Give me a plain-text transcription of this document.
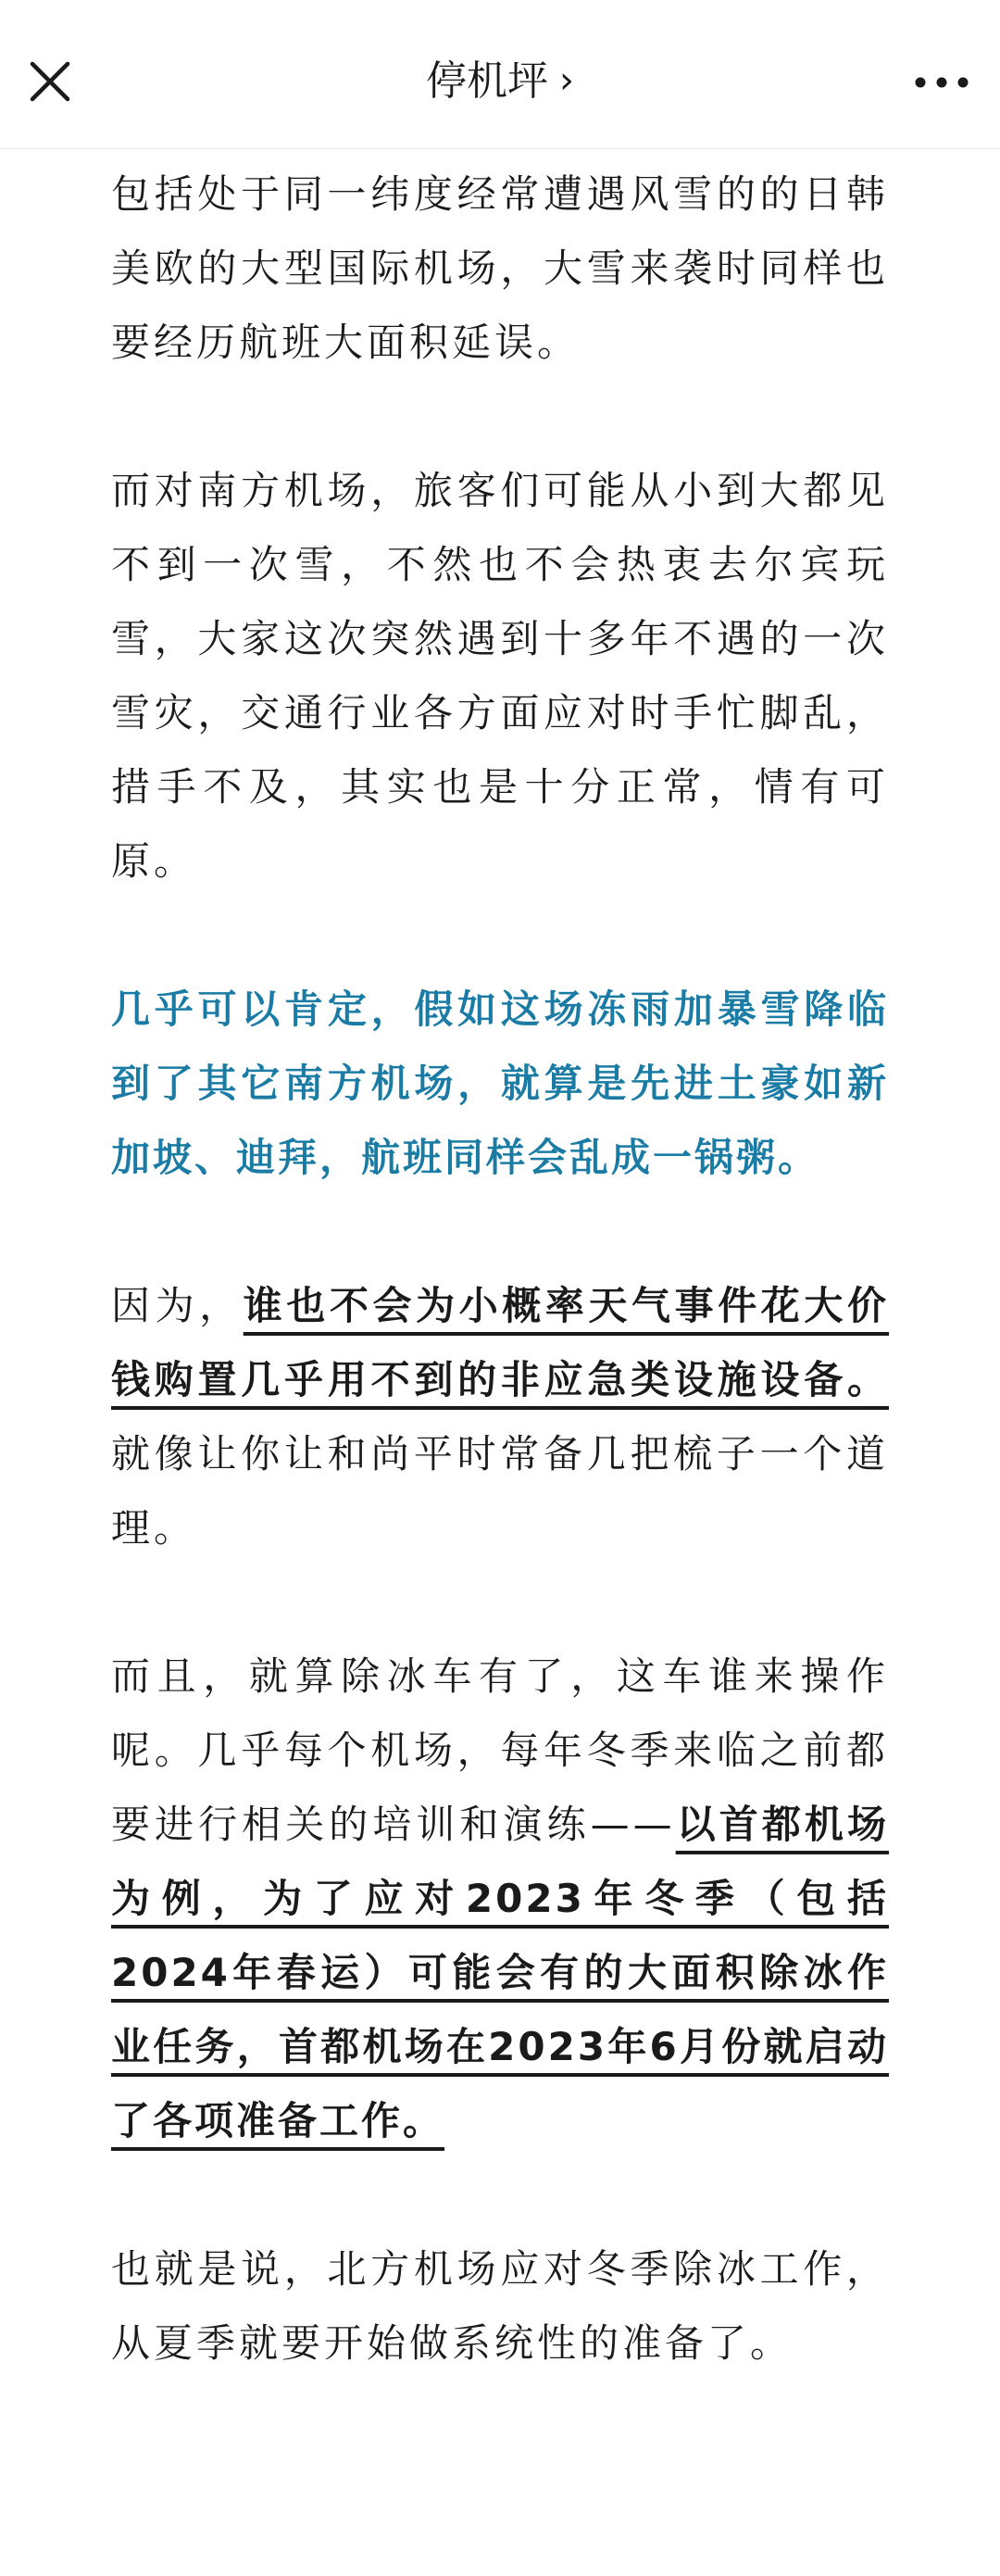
停机坪 ›

包括处于同一纬度经常遭遇风雪的的日韩美欧的大型国际机场，大雪来袭时同样也要经历航班大面积延误。

而对南方机场，旅客们可能从小到大都见不到一次雪，不然也不会热衷去尔宾玩雪，大家这次突然遇到十多年不遇的一次雪灾，交通行业各方面应对时手忙脚乱，措手不及，其实也是十分正常，情有可原。

几乎可以肯定，假如这场冻雨加暴雪降临到了其它南方机场，就算是先进土豪如新加坡、迪拜，航班同样会乱成一锅粥。

因为，谁也不会为小概率天气事件花大价钱购置几乎用不到的非应急类设施设备。就像让你让和尚平时常备几把梳子一个道理。

而且，就算除冰车有了，这车谁来操作呢。几乎每个机场，每年冬季来临之前都要进行相关的培训和演练——以首都机场为例，为了应对2023年冬季（包括2024年春运）可能会有的大面积除冰作业任务，首都机场在2023年6月份就启动了各项准备工作。

也就是说，北方机场应对冬季除冰工作，从夏季就要开始做系统性的准备了。
